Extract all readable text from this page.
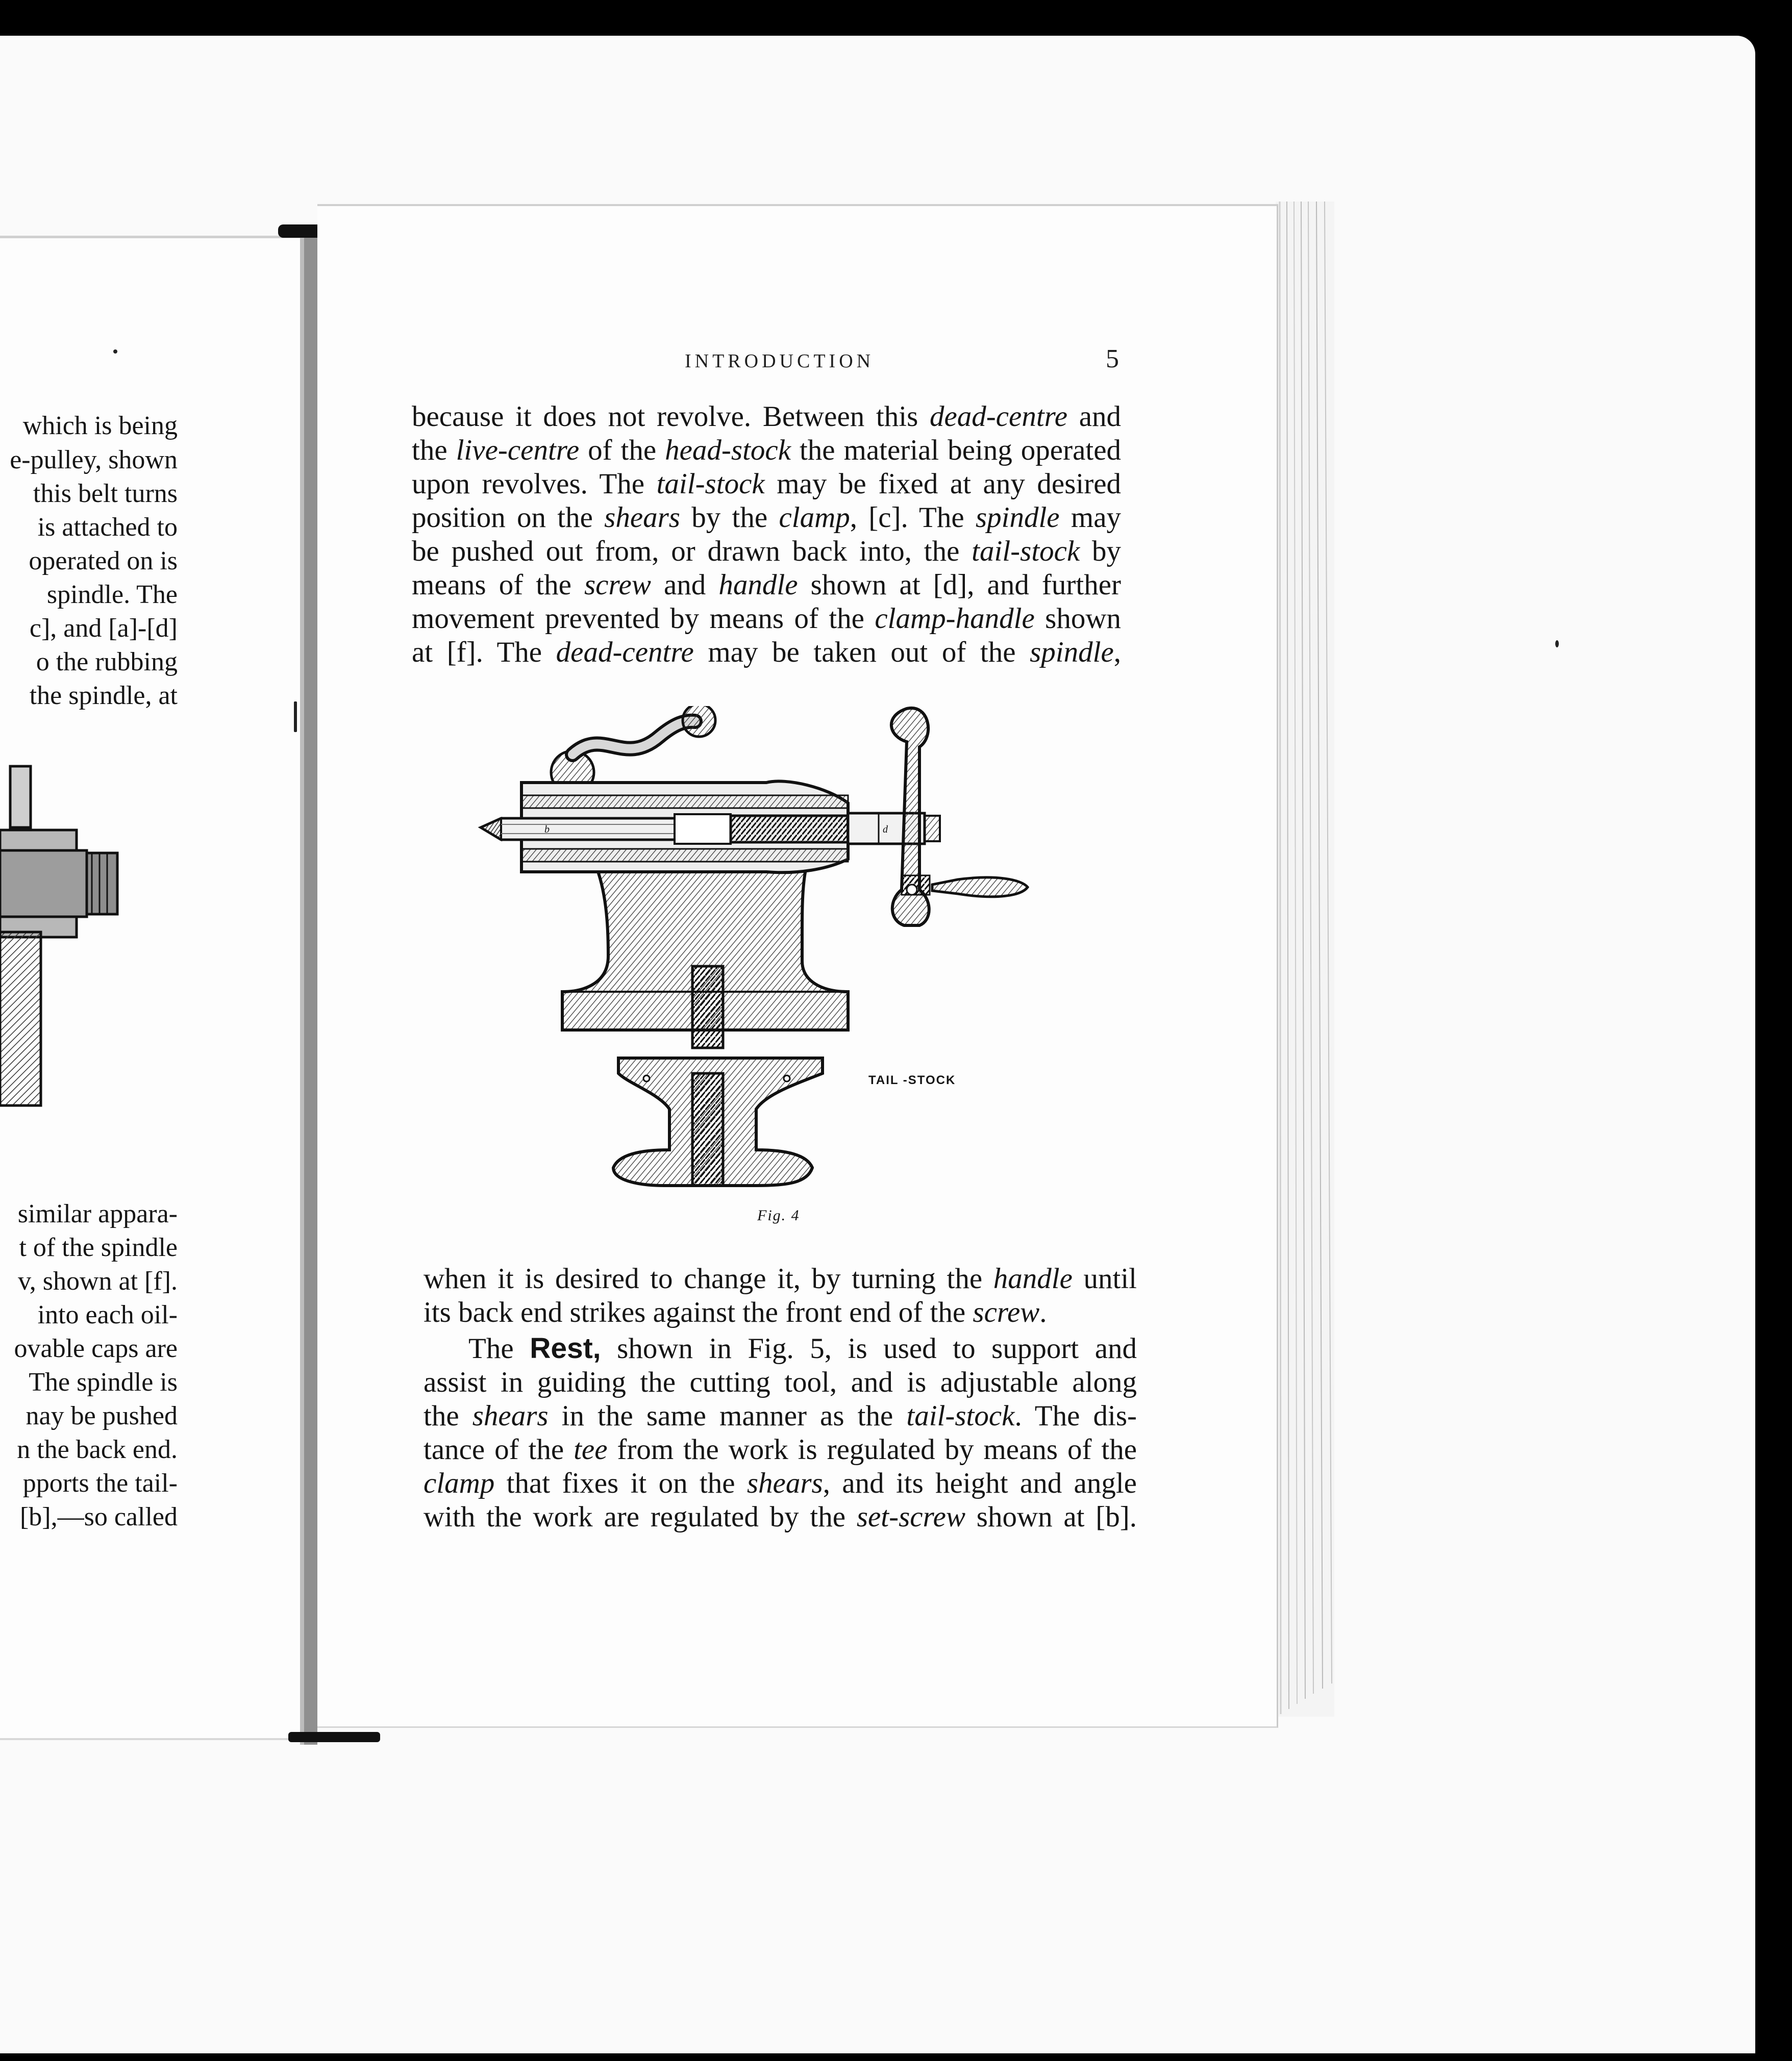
which is being

e-pulley, shown

this belt turns

is attached to

operated on is

spindle. The

c], and [a]-[d]

o the rubbing

the spindle, at

similar appara-

t of the spindle

v, shown at [f].

into each oil-

ovable caps are

The spindle is

nay be pushed

n the back end.

pports the tail-

[b],—so called

INTRODUCTION	5

because it does not revolve. Between this dead-centre and

the live-centre of the head-stock the material being operated

upon revolves. The tail-stock may be fixed at any desired

position on the shears by the clamp, [c]. The spindle may

be pushed out from, or drawn back into, the tail-stock by

means of the screw and handle shown at [d], and further

movement prevented by means of the clamp-handle shown

at [f]. The dead-centre may be taken out of the spindle,

b	d

TAIL -STOCK

Fig. 4

when it is desired to change it, by turning the handle until

its back end strikes against the front end of the screw.

The Rest, shown in Fig. 5, is used to support and

assist in guiding the cutting tool, and is adjustable along

the shears in the same manner as the tail-stock. The dis-

tance of the tee from the work is regulated by means of the

clamp that fixes it on the shears, and its height and angle

with the work are regulated by the set-screw shown at [b].
